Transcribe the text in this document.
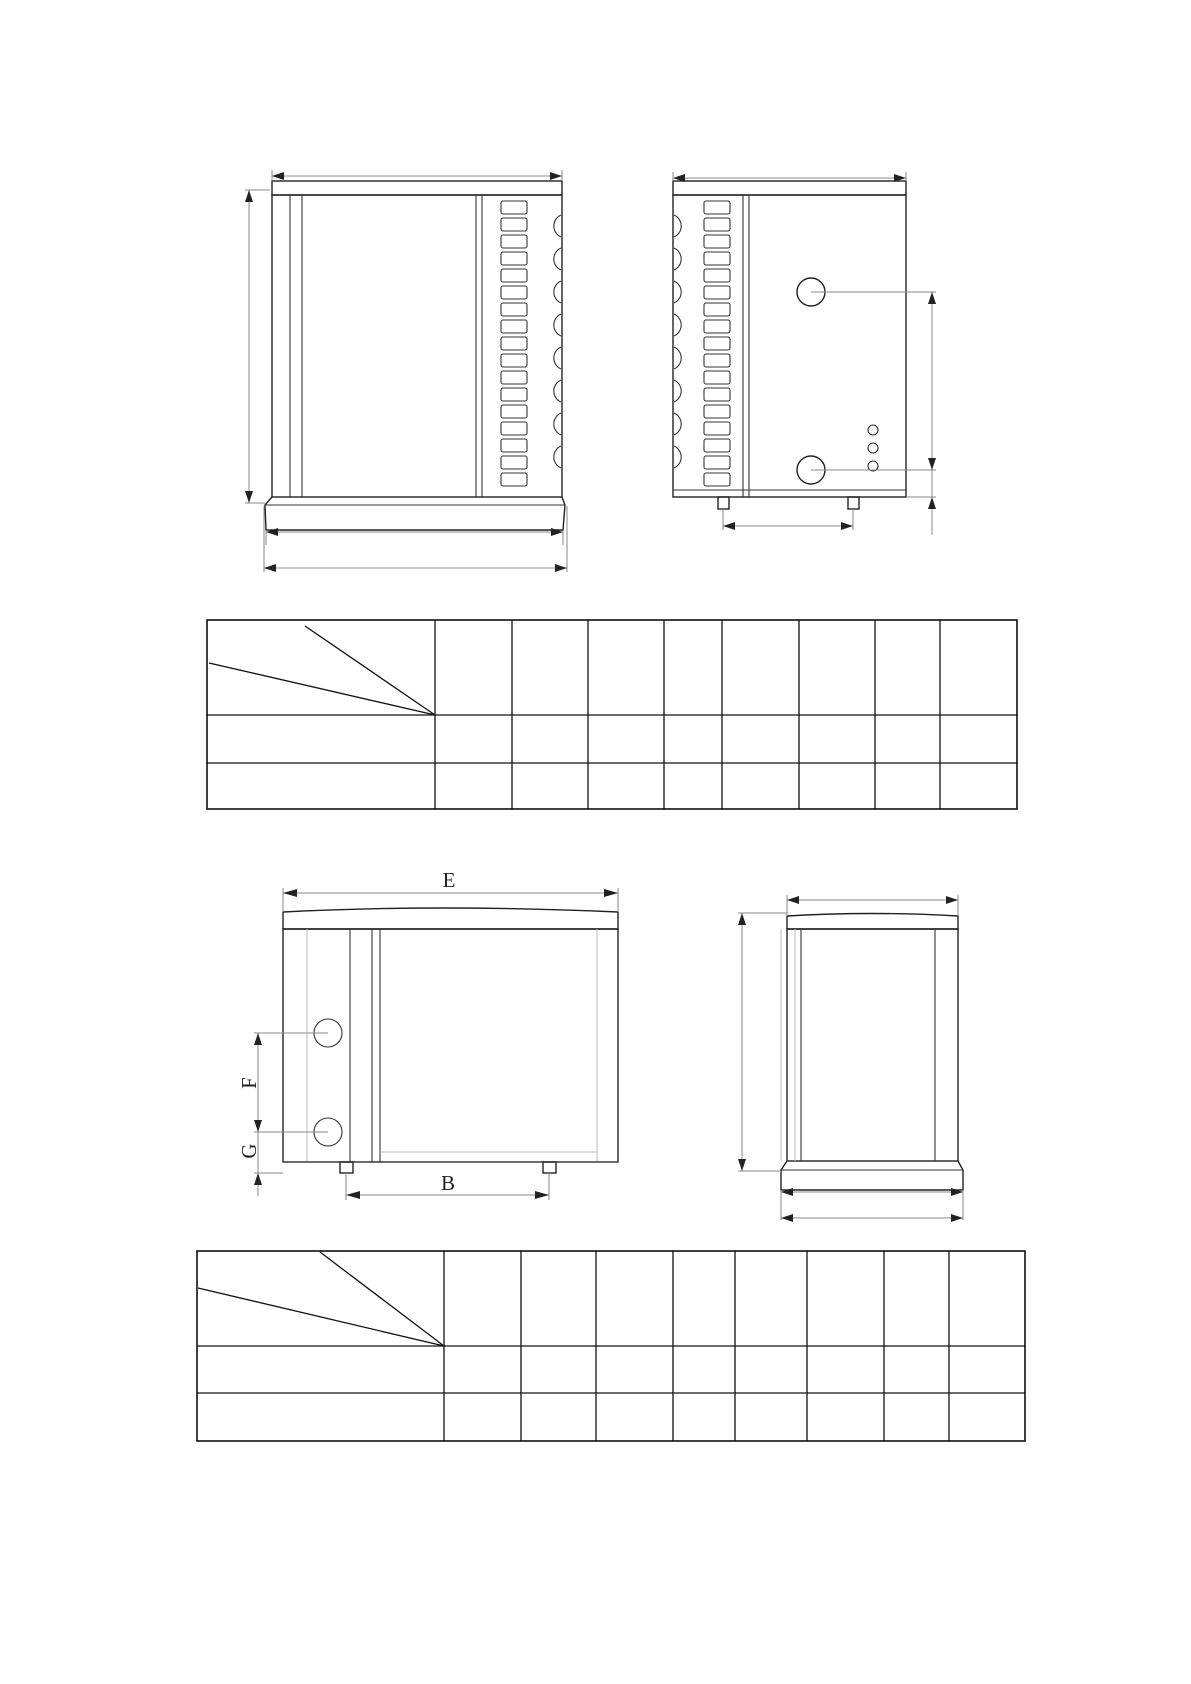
E
F
G
B
